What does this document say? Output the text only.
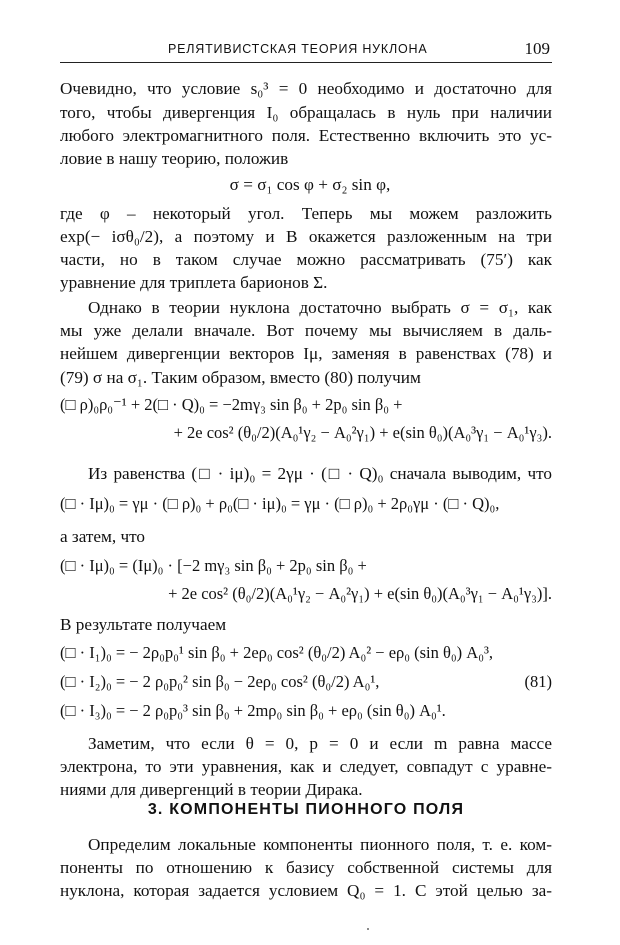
РЕЛЯТИВИСТСКАЯ ТЕОРИЯ НУКЛОНА	109
Очевидно, что условие s₀³ = 0 необходимо и достаточно для
того, чтобы дивергенция I₀ обращалась в нуль при наличии
любого электромагнитного поля. Естественно включить это ус-
ловие в нашу теорию, положив
σ = σ₁ cos φ + σ₂ sin φ,
где φ – некоторый угол. Теперь мы можем разложить
exp(− iσθ₀/2), а поэтому и B окажется разложенным на три
части, но в таком случае можно рассматривать (75′) как
уравнение для триплета барионов Σ.
Однако в теории нуклона достаточно выбрать σ = σ₁, как
мы уже делали вначале. Вот почему мы вычисляем в даль-
нейшем дивергенции векторов Iμ, заменяя в равенствах (78) и
(79) σ на σ₁. Таким образом, вместо (80) получим
(□ ρ)₀ρ₀⁻¹ + 2(□ · Q)₀ = −2mγ₃ sin β₀ + 2p₀ sin β₀ +
+ 2e cos² (θ₀/2)(A₀¹γ₂ − A₀²γ₁) + e(sin θ₀)(A₀³γ₁ − A₀¹γ₃).
Из равенства (□ · iμ)₀ = 2γμ · (□ · Q)₀ сначала выводим, что
(□ · Iμ)₀ = γμ · (□ ρ)₀ + ρ₀(□ · iμ)₀ = γμ · (□ ρ)₀ + 2ρ₀γμ · (□ · Q)₀,
а затем, что
(□ · Iμ)₀ = (Iμ)₀ · [−2 mγ₃ sin β₀ + 2p₀ sin β₀ +
+ 2e cos² (θ₀/2)(A₀¹γ₂ − A₀²γ₁) + e(sin θ₀)(A₀³γ₁ − A₀¹γ₃)].
В результате получаем
(□ · I₁)₀ = − 2ρ₀p₀¹ sin β₀ + 2eρ₀ cos² (θ₀/2) A₀² − eρ₀ (sin θ₀) A₀³,
(□ · I₂)₀ = − 2 ρ₀p₀² sin β₀ − 2eρ₀ cos² (θ₀/2) A₀¹,	(81)
(□ · I₃)₀ = − 2 ρ₀p₀³ sin β₀ + 2mρ₀ sin β₀ + eρ₀ (sin θ₀) A₀¹.
Заметим, что если θ = 0, p = 0 и если m равна массе
электрона, то эти уравнения, как и следует, совпадут с уравне-
ниями для дивергенций в теории Дирака.
3. КОМПОНЕНТЫ ПИОННОГО ПОЛЯ
Определим локальные компоненты пионного поля, т. е. ком-
поненты по отношению к базису собственной системы для
нуклона, которая задается условием Q₀ = 1. С этой целью за-
